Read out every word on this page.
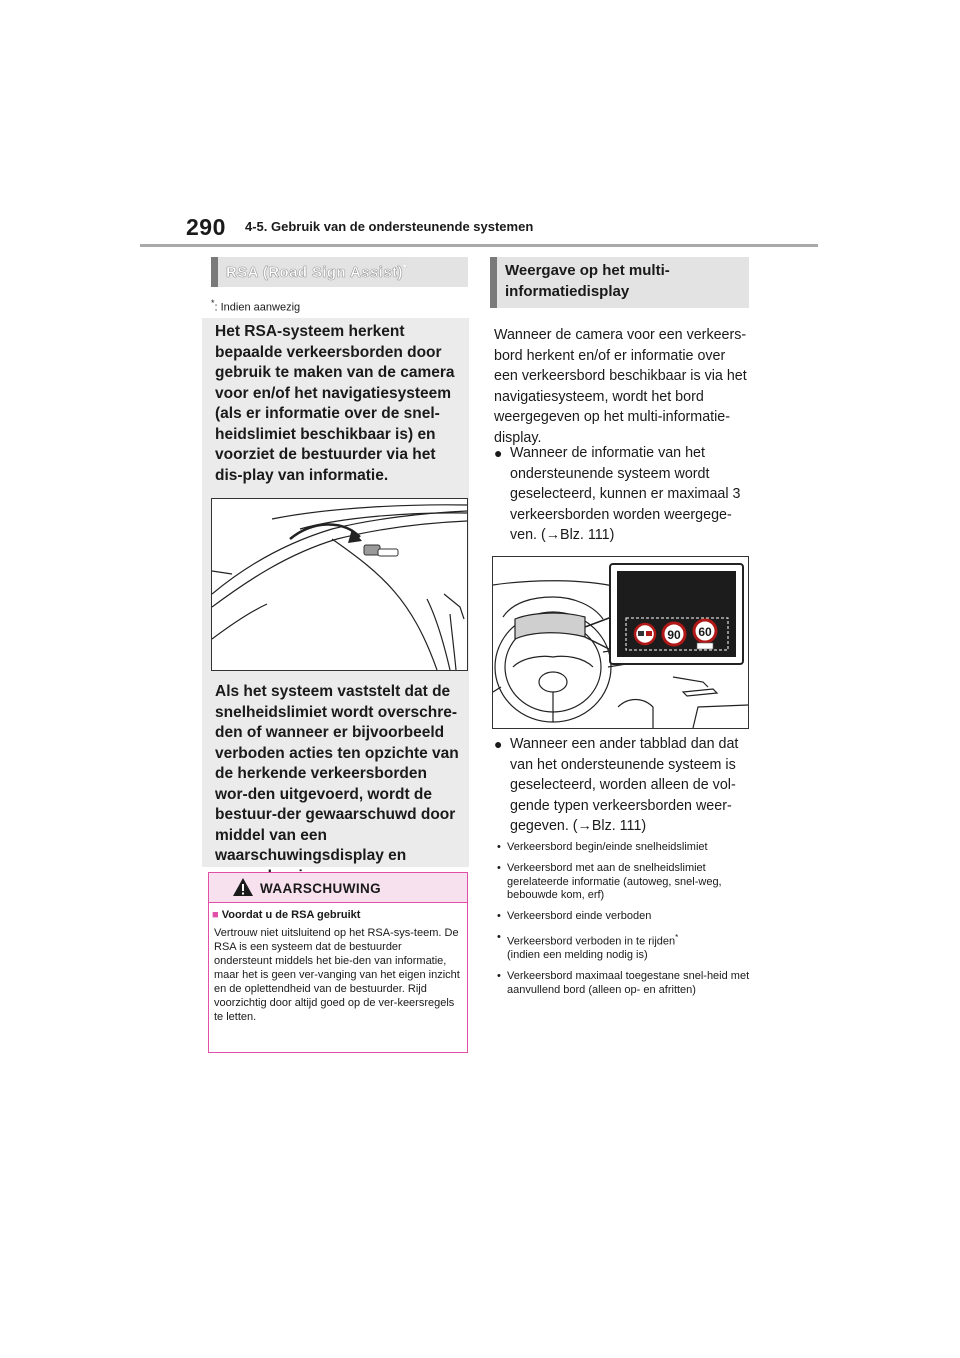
290 4-5. Gebruik van de ondersteunende systemen
RSA (Road Sign Assist)*
*: Indien aanwezig
Het RSA-systeem herkent bepaalde verkeersborden door gebruik te maken van de camera voor en/of het navigatiesysteem (als er informatie over de snel-heidslimiet beschikbaar is) en voorziet de bestuurder via het dis-play van informatie.
Als het systeem vaststelt dat de snelheidslimiet wordt overschre-den of wanneer er bijvoorbeeld verboden acties ten opzichte van de herkende verkeersborden wor-den uitgevoerd, wordt de bestuur-der gewaarschuwd door middel van een waarschuwingsdisplay en
WAARSCHUWING
■ Voordat u de RSA gebruikt
Vertrouw niet uitsluitend op het RSA-sys-teem. De RSA is een systeem dat de bestuurder ondersteunt middels het bie-den van informatie, maar het is geen ver-vanging van het eigen inzicht en de oplettendheid van de bestuurder. Rijd voorzichtig door altijd goed op de ver-keersregels te letten.
Weergave op het multi-informatiedisplay
Wanneer de camera voor een verkeers-bord herkent en/of er informatie over een verkeersbord beschikbaar is via het navigatiesysteem, wordt het bord weergegeven op het multi-informatie-display.
● Wanneer de informatie van het ondersteunende systeem wordt geselecteerd, kunnen er maximaal 3 verkeersborden worden weergege-ven. (→Blz. 111)
90 60
● Wanneer een ander tabblad dan dat van het ondersteunende systeem is geselecteerd, worden alleen de vol-gende typen verkeersborden weer-gegeven. (→Blz. 111)
• Verkeersbord begin/einde snelheidslimiet
• Verkeersbord met aan de snelheidslimiet gerelateerde informatie (autoweg, snel-weg, bebouwde kom, erf)
• Verkeersbord einde verboden
• Verkeersbord verboden in te rijden*
(indien een melding nodig is)
• Verkeersbord maximaal toegestane snel-heid met aanvullend bord (alleen op- en afritten)
